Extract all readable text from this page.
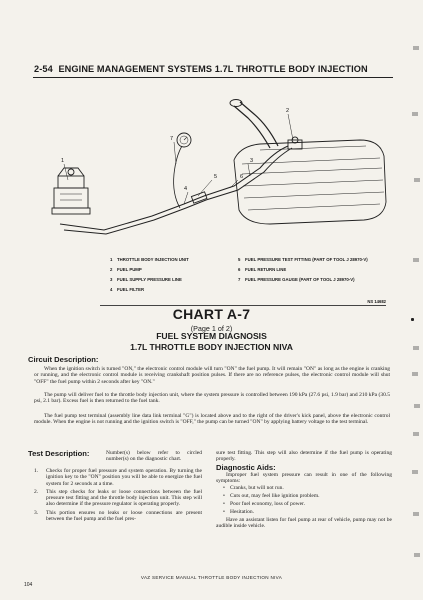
2-54 ENGINE MANAGEMENT SYSTEMS 1.7L THROTTLE BODY INJECTION
1
2
3
4
5	6
7
1	THROTTLE BODY INJECTION UNIT
2	FUEL PUMP
3	FUEL SUPPLY PRESSURE LINE
4	FUEL FILTER
5	FUEL PRESSURE TEST FITTING (PART OF TOOL J 28970-V)
6	FUEL RETURN LINE
7	FUEL PRESSURE GAUGE (PART OF TOOL J 28970-V)
NS 14682
CHART A-7
(Page 1 of 2)
FUEL SYSTEM DIAGNOSIS
1.7L THROTTLE BODY INJECTION NIVA
Circuit Description:
When the ignition switch is turned "ON," the electronic control module will turn "ON" the fuel pump. It will remain "ON" as long as the engine is cranking or running, and the electronic control module is receiving crankshaft position pulses. If there are no reference pulses, the electronic control module will shut "OFF" the fuel pump within 2 seconds after key "ON."
The pump will deliver fuel to the throttle body injection unit, where the system pressure is controlled between 190 kPa (27.6 psi, 1.9 bar) and 210 kPa (30.5 psi, 2.1 bar). Excess fuel is then returned to the fuel tank.
The fuel pump test terminal (assembly line data link terminal "G") is located above and to the right of the driver's kick panel, above the electronic control module. When the engine is not running and the ignition switch is "OFF," the pump can be turned "ON" by applying battery voltage to the test terminal.
Test Description:	Number(s) below refer to circled number(s) on the diagnostic chart.
1.	Checks for proper fuel pressure and system operation. By turning the ignition key to the "ON" position you will be able to energize the fuel system for 2 seconds at a time.
2.	This step checks for leaks or loose connections between the fuel pressure test fitting and the throttle body injection unit. This step will also determine if the pressure regulator is operating properly.
3.	This portion ensures no leaks or loose connections are present between the fuel pump and the fuel pres-
sure test fitting. This step will also determine if the fuel pump is operating properly.
Diagnostic Aids:
Improper fuel system pressure can result in one of the following symptoms:
• Cranks, but will not run.
• Cuts out, may feel like ignition problem.
• Poor fuel economy, loss of power.
• Hesitation.
Have an assistant listen for fuel pump at rear of vehicle, pump may not be audible inside vehicle.
VAZ SERVICE MANUAL THROTTLE BODY INJECTION NIVA
104
